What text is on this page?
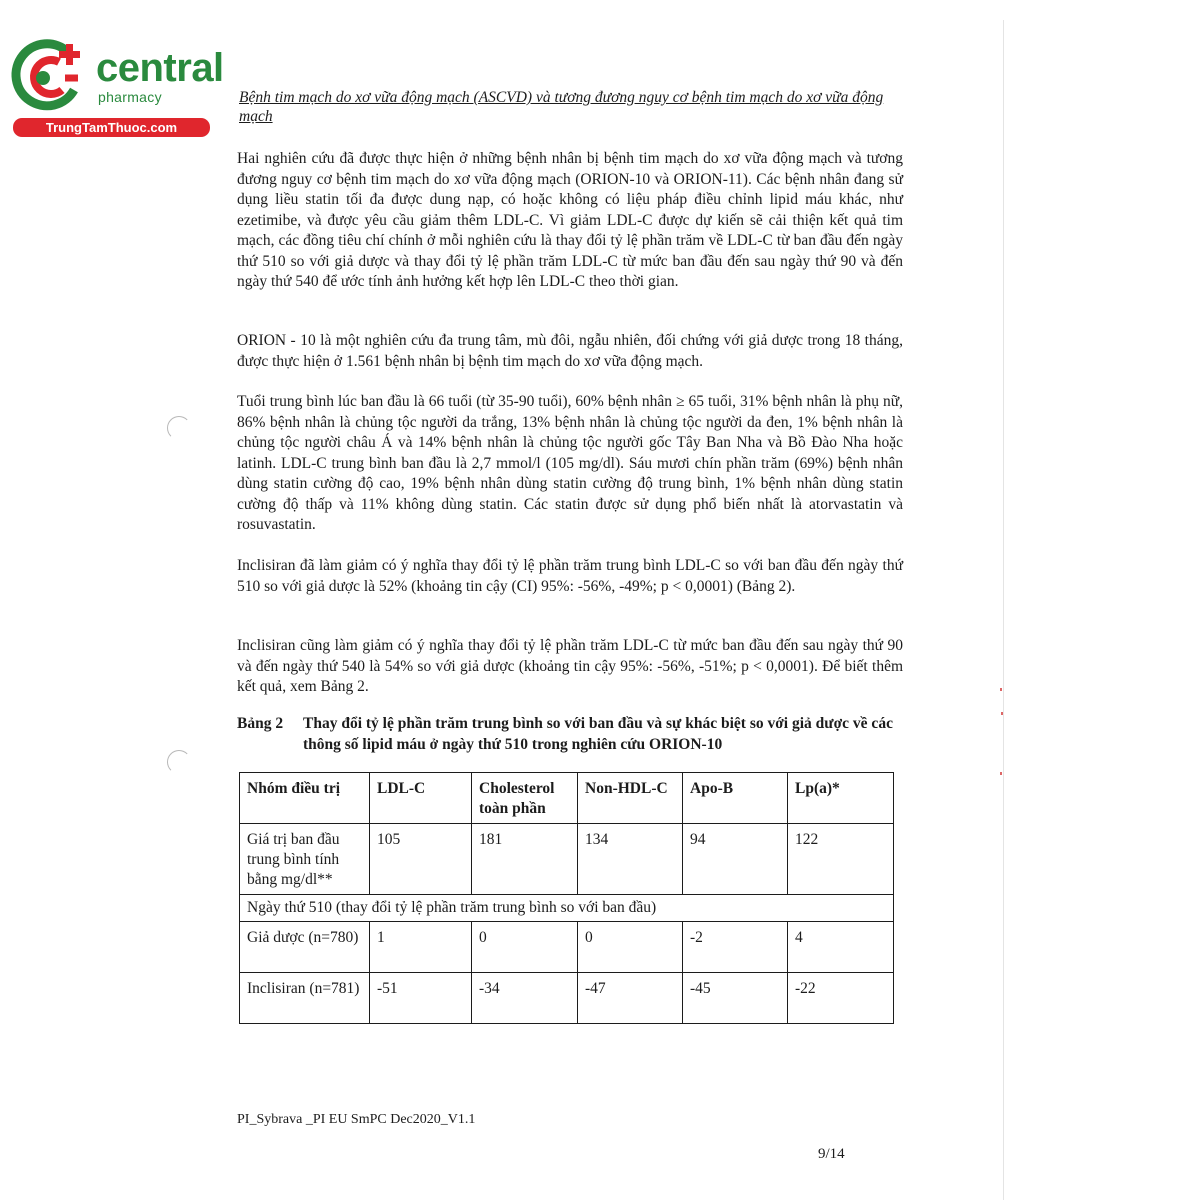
central
pharmacy
TrungTamThuoc.com

Bệnh tim mạch do xơ vữa động mạch (ASCVD) và tương đương nguy cơ bệnh tim mạch do xơ vữa động mạch

Hai nghiên cứu đã được thực hiện ở những bệnh nhân bị bệnh tim mạch do xơ vữa động mạch và tương đương nguy cơ bệnh tim mạch do xơ vữa động mạch (ORION-10 và ORION-11). Các bệnh nhân đang sử dụng liều statin tối đa được dung nạp, có hoặc không có liệu pháp điều chỉnh lipid máu khác, như ezetimibe, và được yêu cầu giảm thêm LDL-C. Vì giảm LDL-C được dự kiến sẽ cải thiện kết quả tim mạch, các đồng tiêu chí chính ở mỗi nghiên cứu là thay đổi tỷ lệ phần trăm về LDL-C từ ban đầu đến ngày thứ 510 so với giả dược và thay đổi tỷ lệ phần trăm LDL-C từ mức ban đầu đến sau ngày thứ 90 và đến ngày thứ 540 để ước tính ảnh hưởng kết hợp lên LDL-C theo thời gian.

ORION - 10 là một nghiên cứu đa trung tâm, mù đôi, ngẫu nhiên, đối chứng với giả dược trong 18 tháng, được thực hiện ở 1.561 bệnh nhân bị bệnh tim mạch do xơ vữa động mạch.

Tuổi trung bình lúc ban đầu là 66 tuổi (từ 35-90 tuổi), 60% bệnh nhân ≥ 65 tuổi, 31% bệnh nhân là phụ nữ, 86% bệnh nhân là chủng tộc người da trắng, 13% bệnh nhân là chủng tộc người da đen, 1% bệnh nhân là chủng tộc người châu Á và 14% bệnh nhân là chủng tộc người gốc Tây Ban Nha và Bồ Đào Nha hoặc latinh. LDL-C trung bình ban đầu là 2,7 mmol/l (105 mg/dl). Sáu mươi chín phần trăm (69%) bệnh nhân dùng statin cường độ cao, 19% bệnh nhân dùng statin cường độ trung bình, 1% bệnh nhân dùng statin cường độ thấp và 11% không dùng statin. Các statin được sử dụng phổ biến nhất là atorvastatin và rosuvastatin.

Inclisiran đã làm giảm có ý nghĩa thay đổi tỷ lệ phần trăm trung bình LDL-C so với ban đầu đến ngày thứ 510 so với giả dược là 52% (khoảng tin cậy (CI) 95%: -56%, -49%; p < 0,0001) (Bảng 2).

Inclisiran cũng làm giảm có ý nghĩa thay đổi tỷ lệ phần trăm LDL-C từ mức ban đầu đến sau ngày thứ 90 và đến ngày thứ 540 là 54% so với giả dược (khoảng tin cậy 95%: -56%, -51%; p < 0,0001). Để biết thêm kết quả, xem Bảng 2.

Bảng 2 Thay đổi tỷ lệ phần trăm trung bình so với ban đầu và sự khác biệt so với giả dược về các thông số lipid máu ở ngày thứ 510 trong nghiên cứu ORION-10
Nhóm điều trị	LDL-C	Cholesterol toàn phần	Non-HDL-C	Apo-B	Lp(a)*
Giá trị ban đầu trung bình tính bằng mg/dl**	105	181	134	94	122
Ngày thứ 510 (thay đổi tỷ lệ phần trăm trung bình so với ban đầu)					
Giả dược (n=780)	1	0	0	-2	4
Inclisiran (n=781)	-51	-34	-47	-45	-22
PI_Sybrava _PI EU SmPC Dec2020_V1.1
9/14
